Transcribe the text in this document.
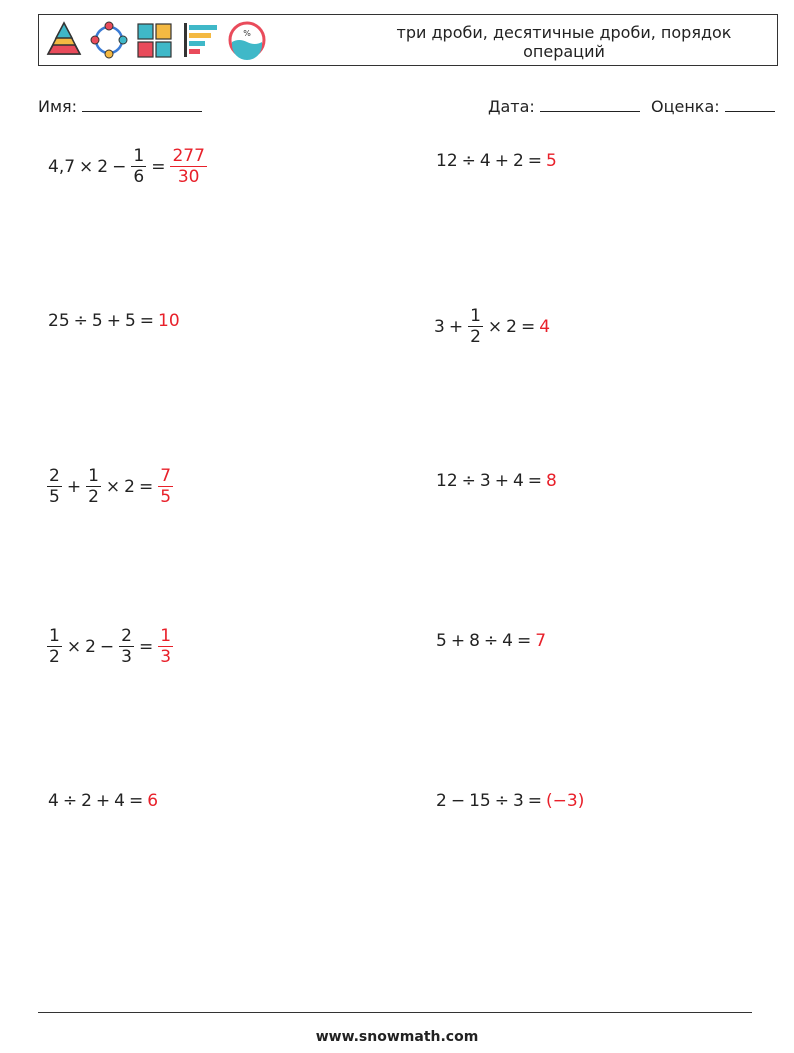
%	три дроби, десятичные дроби, порядок операций
Имя:	Дата:	Оценка:
$4,7 \times 2 - \frac{1}{6} = \frac{277}{30}$	12 ÷ 4 + 2 = 5
25 ÷ 5 + 5 = 10	$3 + \frac{1}{2} \times 2 = 4$
$\frac{2}{5} + \frac{1}{2} \times 2 = \frac{7}{5}$	12 ÷ 3 + 4 = 8
$\frac{1}{2} \times 2 - \frac{2}{3} = \frac{1}{3}$	5 + 8 ÷ 4 = 7
4 ÷ 2 + 4 = 6	2 − 15 ÷ 3 = (−3)
www.snowmath.com
